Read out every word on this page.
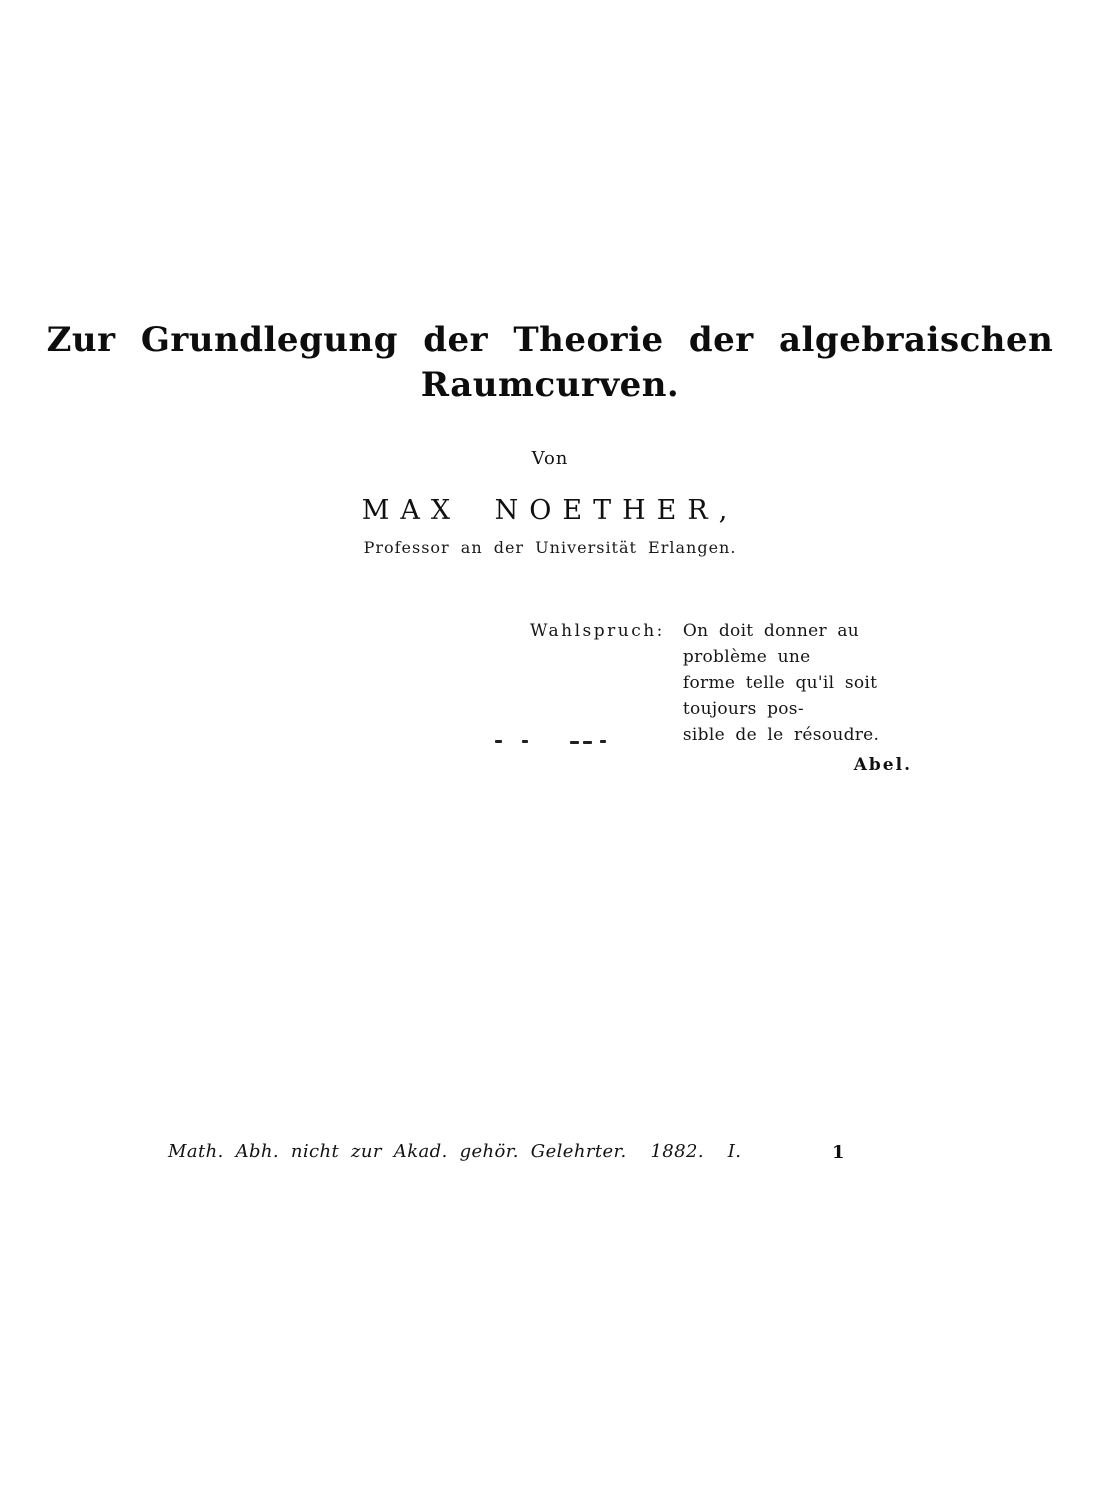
Zur Grundlegung der Theorie der algebraischen
Raumcurven.
Von
MAX NOETHER,
Professor an der Universität Erlangen.
Wahlspruch: On doit donner au problème une
forme telle qu'il soit toujours pos-
sible de le résoudre.
Abel.
Math. Abh. nicht zur Akad. gehör. Gelehrter.  1882.  I.	1
